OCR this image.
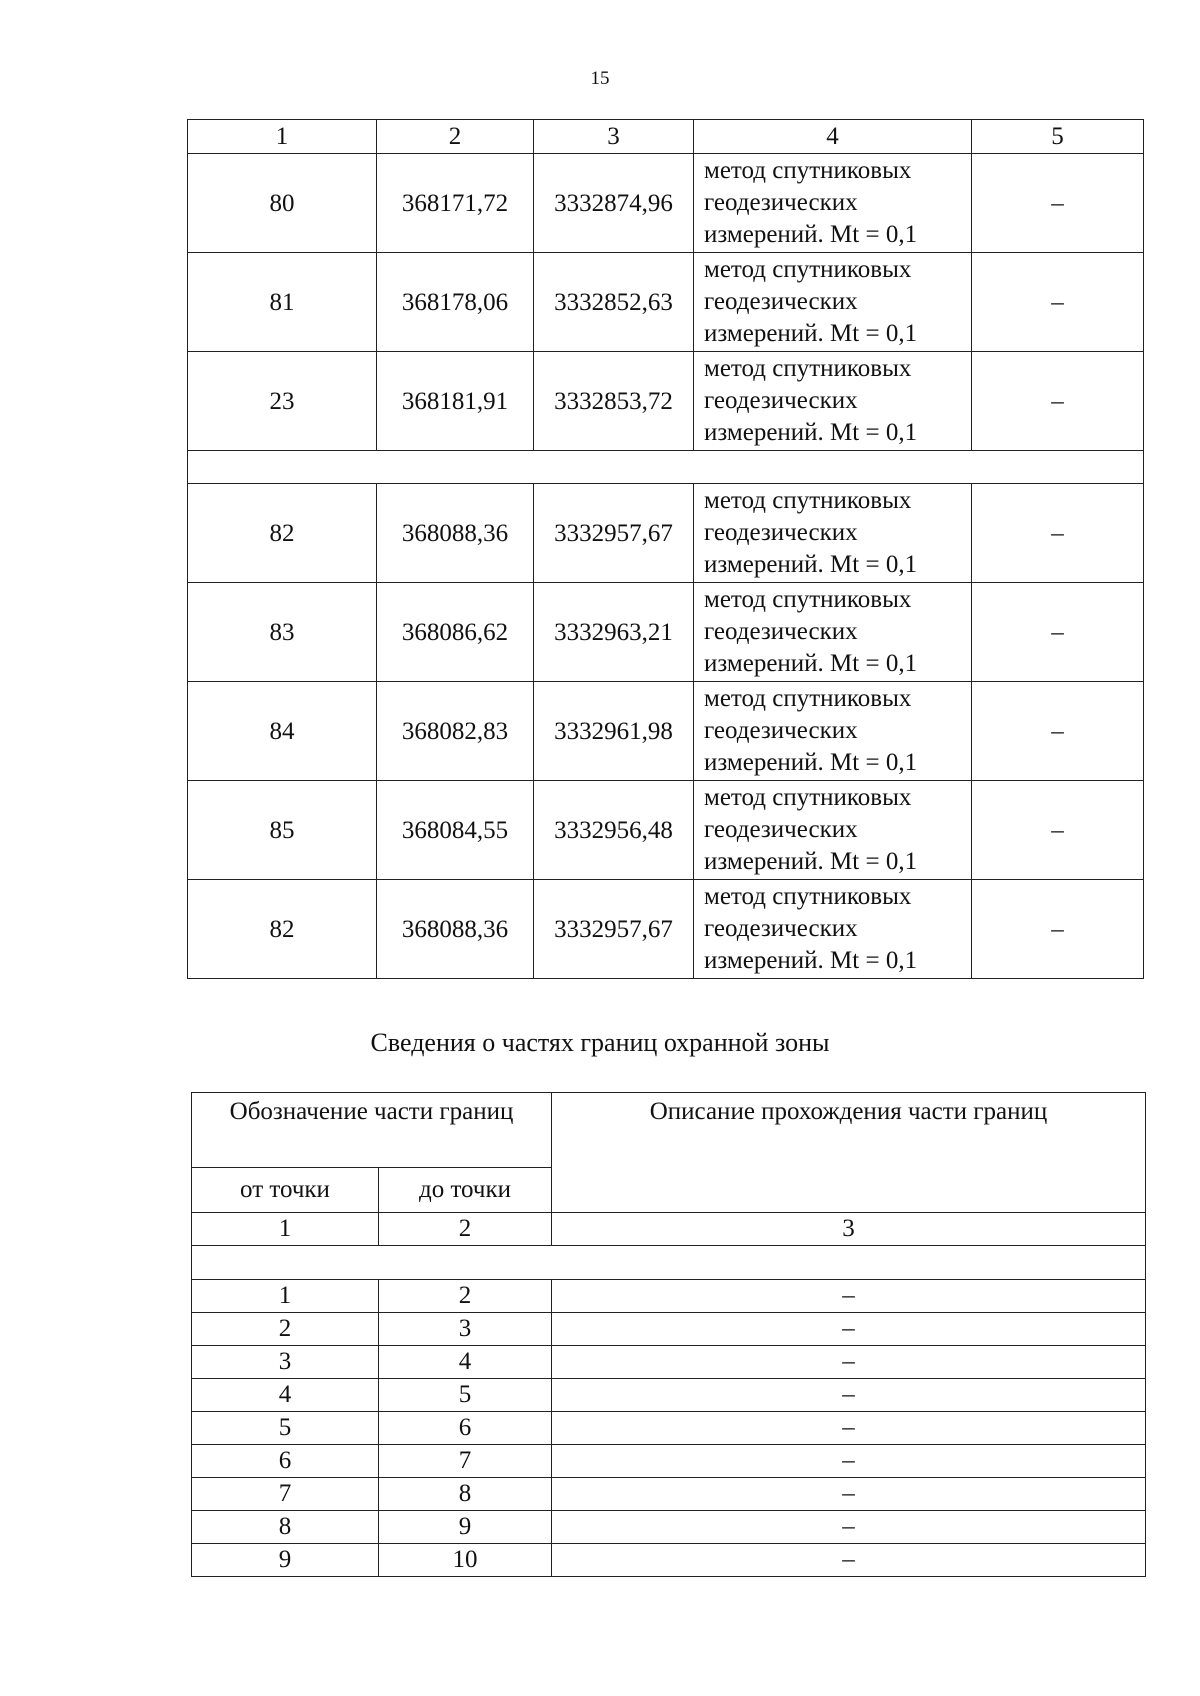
15
1	2	3	4	5
80	368171,72	3332874,96	метод спутниковых
геодезических
измерений. Mt = 0,1	–
81	368178,06	3332852,63	метод спутниковых
геодезических
измерений. Mt = 0,1	–
23	368181,91	3332853,72	метод спутниковых
геодезических
измерений. Mt = 0,1	–

82	368088,36	3332957,67	метод спутниковых
геодезических
измерений. Mt = 0,1	–
83	368086,62	3332963,21	метод спутниковых
геодезических
измерений. Mt = 0,1	–
84	368082,83	3332961,98	метод спутниковых
геодезических
измерений. Mt = 0,1	–
85	368084,55	3332956,48	метод спутниковых
геодезических
измерений. Mt = 0,1	–
82	368088,36	3332957,67	метод спутниковых
геодезических
измерений. Mt = 0,1	–
Сведения о частях границ охранной зоны
Обозначение части границ		Описание прохождения части границ
от точки	до точки	
1	2	3

1	2	–
2	3	–
3	4	–
4	5	–
5	6	–
6	7	–
7	8	–
8	9	–
9	10	–
